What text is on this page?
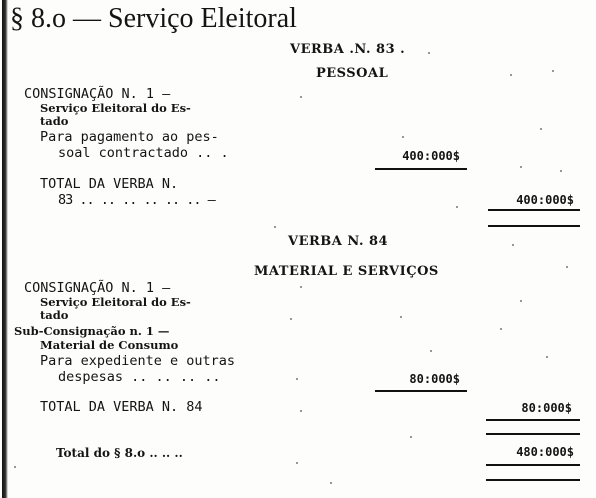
§ 8.o — Serviço Eleitoral
VERBA .N. 83 .
PESSOAL
CONSIGNAÇÃO N. 1 —
Serviço Eleitoral do Es-
tado
Para pagamento ao pes-
soal contractado .. .	400:000$
TOTAL DA VERBA N.
83 .. .. .. .. .. .. —	400:000$
VERBA N. 84
MATERIAL E SERVIÇOS
CONSIGNAÇÃO N. 1 —
Serviço Eleitoral do Es-
tado
Sub-Consignação n. 1 —
Material de Consumo
Para expediente e outras
despesas .. .. .. ..	80:000$
TOTAL DA VERBA N. 84	80:000$
Total do § 8.o .. .. ..	480:000$
